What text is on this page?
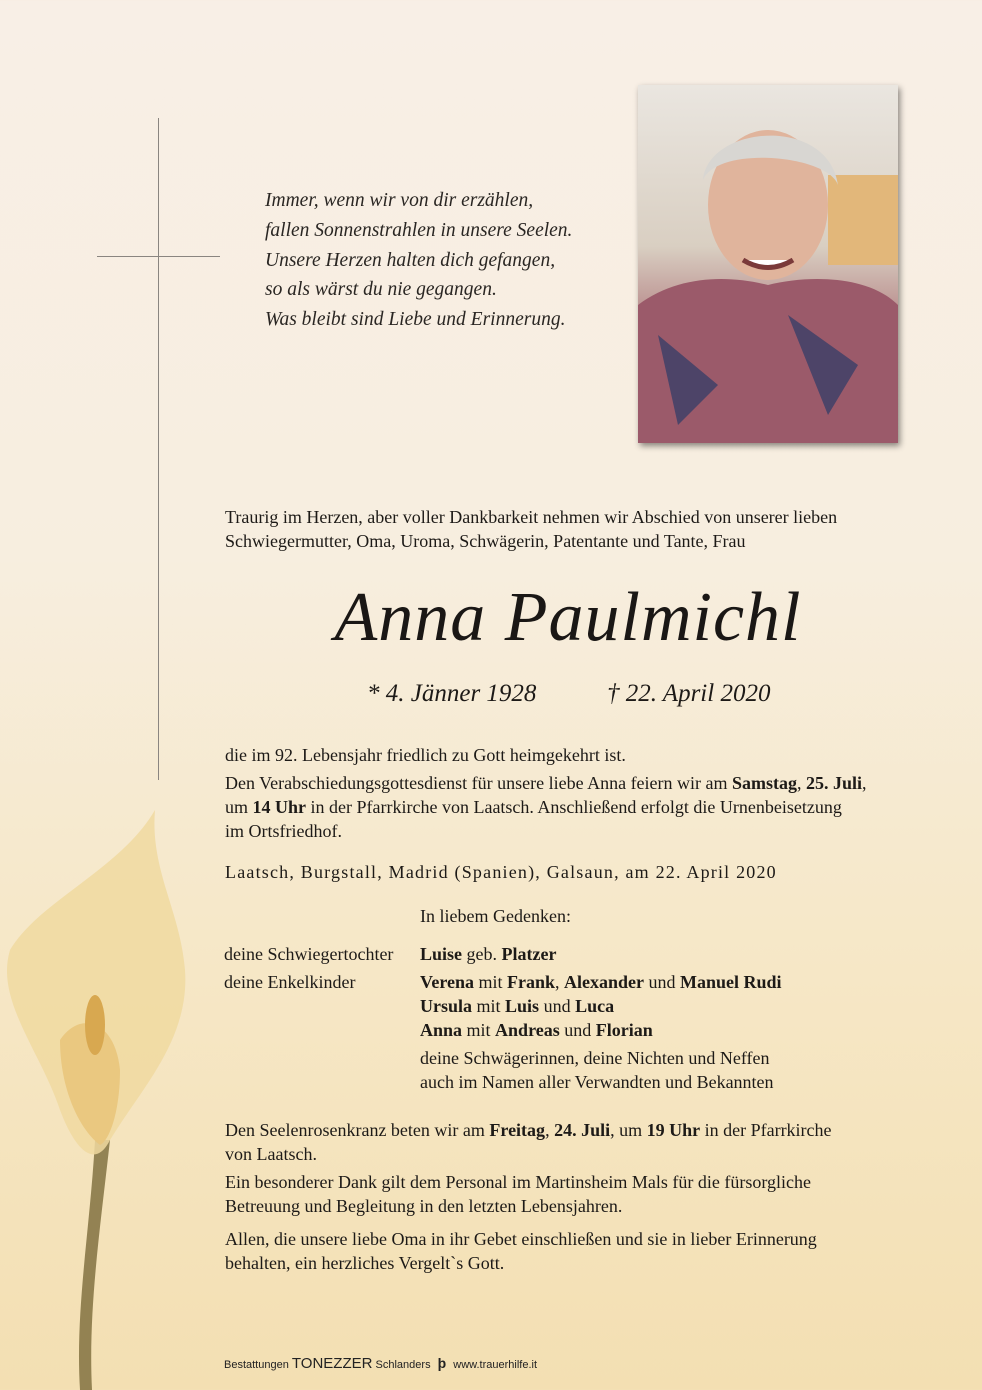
Immer, wenn wir von dir erzählen,
fallen Sonnenstrahlen in unsere Seelen.
Unsere Herzen halten dich gefangen,
so als wärst du nie gegangen.
Was bleibt sind Liebe und Erinnerung.
Traurig im Herzen, aber voller Dankbarkeit nehmen wir Abschied von unserer lieben
Schwiegermutter, Oma, Uroma, Schwägerin, Patentante und Tante, Frau
Anna Paulmichl
* 4. Jänner 1928	† 22. April 2020
die im 92. Lebensjahr friedlich zu Gott heimgekehrt ist.
Den Verabschiedungsgottesdienst für unsere liebe Anna feiern wir am Samstag, 25. Juli,
um 14 Uhr in der Pfarrkirche von Laatsch. Anschließend erfolgt die Urnenbeisetzung
im Ortsfriedhof.
Laatsch, Burgstall, Madrid (Spanien), Galsaun, am 22. April 2020
In liebem Gedenken:
deine Schwiegertochter Luise geb. Platzer
deine Enkelkinder	Verena mit Frank, Alexander und Manuel Rudi
Ursula mit Luis und Luca
Anna mit Andreas und Florian
deine Schwägerinnen, deine Nichten und Neffen
auch im Namen aller Verwandten und Bekannten
Den Seelenrosenkranz beten wir am Freitag, 24. Juli, um 19 Uhr in der Pfarrkirche
von Laatsch.
Ein besonderer Dank gilt dem Personal im Martinsheim Mals für die fürsorgliche
Betreuung und Begleitung in den letzten Lebensjahren.
Allen, die unsere liebe Oma in ihr Gebet einschließen und sie in lieber Erinnerung
behalten, ein herzliches Vergelt`s Gott.
Bestattungen TONEZZER Schlanders ϸ www.trauerhilfe.it
